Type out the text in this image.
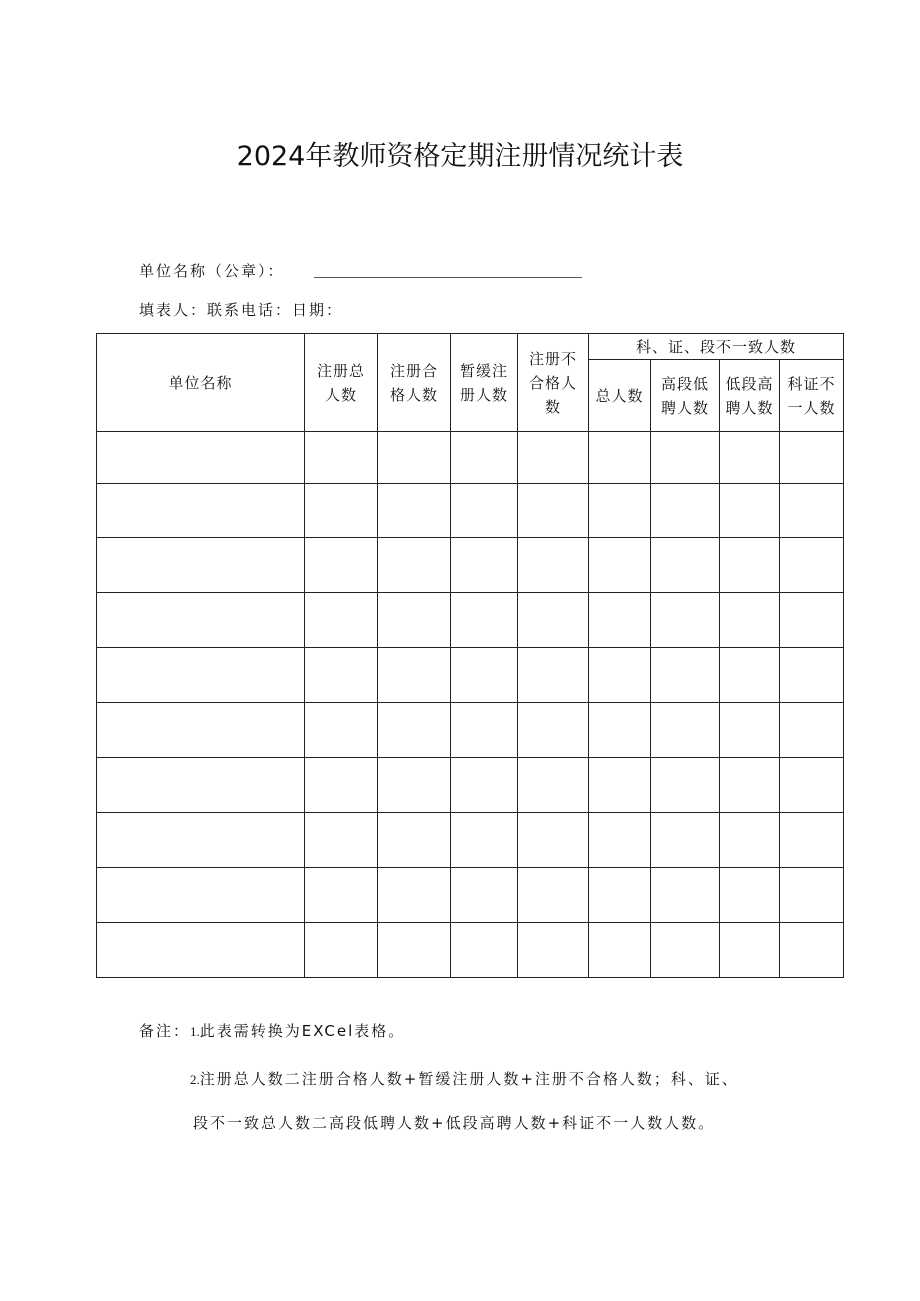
2024年教师资格定期注册情况统计表
单位名称（公章）：
填表人：联系电话：日期：
单位名称	注册总人数	注册合格人数	暂缓注册人数	注册不合格人数	科、证、段不一致人数			
					总人数	高段低聘人数	低段高聘人数	科证不一人数

备注：1.此表需转换为EXCel表格。
2.注册总人数二注册合格人数+暂缓注册人数+注册不合格人数；科、证、
段不一致总人数二高段低聘人数+低段高聘人数+科证不一人数人数。
